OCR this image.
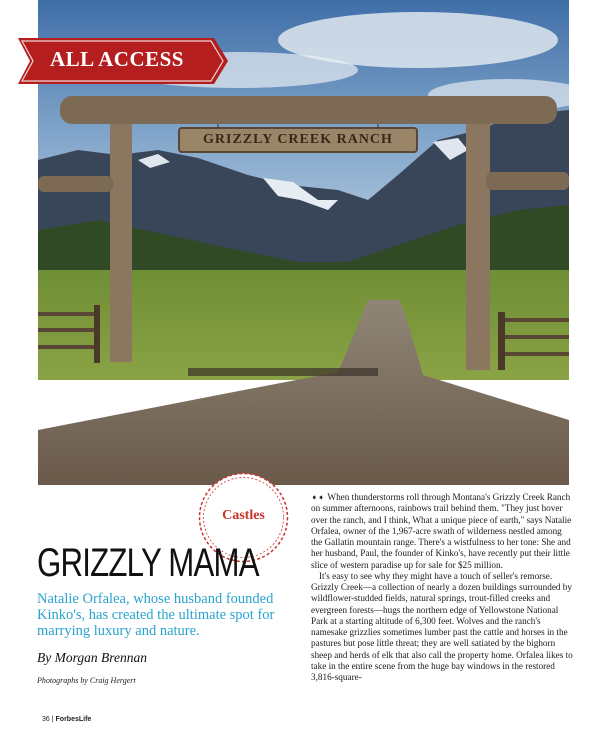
GRIZZLY CREEK RANCH
ALL ACCESS
Castles
GRIZZLY MAMA
Natalie Orfalea, whose husband founded Kinko's, has created the ultimate spot for marrying luxury and nature.
By Morgan Brennan
Photographs by Craig Hergert

➧➧ When thunderstorms roll through Montana's Grizzly Creek Ranch on summer afternoons, rainbows trail behind them. "They just hover over the ranch, and I think, What a unique piece of earth," says Natalie Orfalea, owner of the 1,967-acre swath of wilderness nestled among the Gallatin mountain range. There's a wistfulness to her tone: She and her husband, Paul, the founder of Kinko's, have recently put their little slice of western paradise up for sale for $25 million.

It's easy to see why they might have a touch of seller's remorse. Grizzly Creek—a collection of nearly a dozen buildings surrounded by wildflower-studded fields, natural springs, trout-filled creeks and evergreen forests—hugs the northern edge of Yellowstone National Park at a starting altitude of 6,300 feet. Wolves and the ranch's namesake grizzlies sometimes lumber past the cattle and horses in the pastures but pose little threat; they are well satiated by the bighorn sheep and herds of elk that also call the property home. Orfalea likes to take in the entire scene from the huge bay windows in the restored 3,816-square-

36 | ForbesLife
